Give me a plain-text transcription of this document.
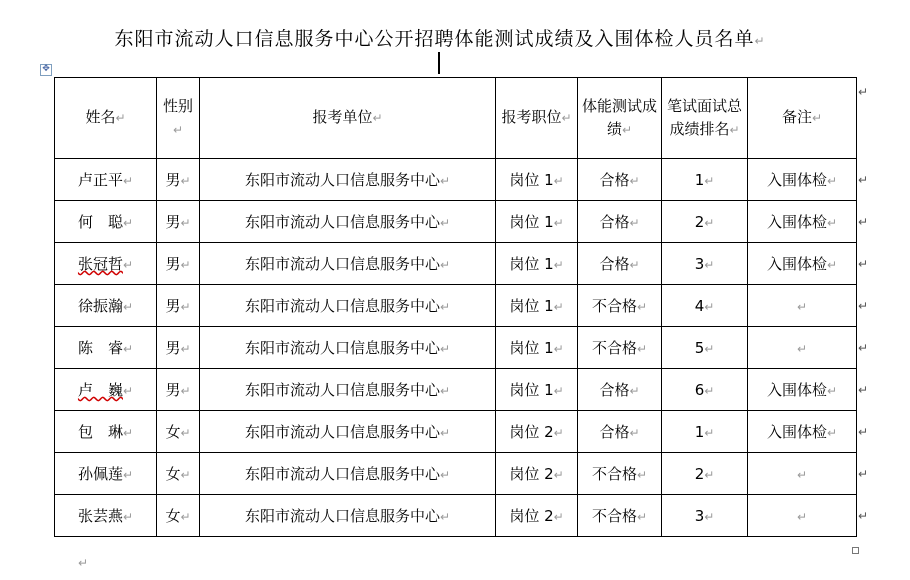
东阳市流动人口信息服务中心公开招聘体能测试成绩及入围体检人员名单↵
✥
姓名↵	性别↵	报考单位↵	报考职位↵	体能测试成绩↵	笔试面试总成绩排名↵	备注↵
卢正平↵	男↵	东阳市流动人口信息服务中心↵	岗位 1↵	合格↵	1↵	入围体检↵
何　聪↵	男↵	东阳市流动人口信息服务中心↵	岗位 1↵	合格↵	2↵	入围体检↵
张冠哲↵	男↵	东阳市流动人口信息服务中心↵	岗位 1↵	合格↵	3↵	入围体检↵
徐振瀚↵	男↵	东阳市流动人口信息服务中心↵	岗位 1↵	不合格↵	4↵	↵
陈　睿↵	男↵	东阳市流动人口信息服务中心↵	岗位 1↵	不合格↵	5↵	↵
卢　巍↵	男↵	东阳市流动人口信息服务中心↵	岗位 1↵	合格↵	6↵	入围体检↵
包　琳↵	女↵	东阳市流动人口信息服务中心↵	岗位 2↵	合格↵	1↵	入围体检↵
孙佩莲↵	女↵	东阳市流动人口信息服务中心↵	岗位 2↵	不合格↵	2↵	↵
张芸燕↵	女↵	东阳市流动人口信息服务中心↵	岗位 2↵	不合格↵	3↵	↵
↵
↵
↵
↵
↵
↵
↵
↵
↵
↵
↵
